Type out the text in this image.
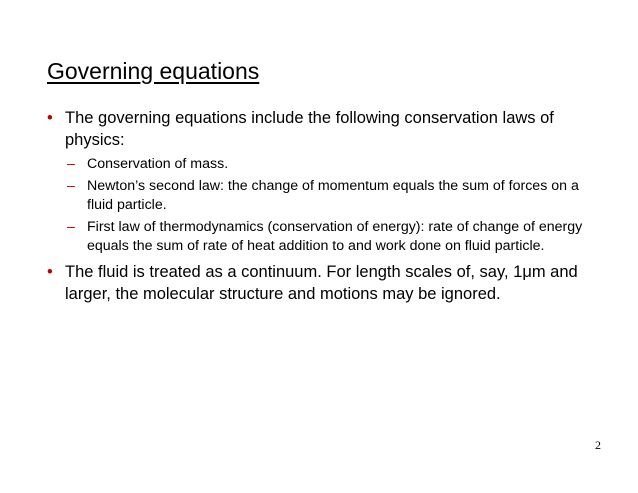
Governing equations
• The governing equations include the following conservation laws of physics:
– Conservation of mass.
– Newton’s second law: the change of momentum equals the sum of forces on a fluid particle.
– First law of thermodynamics (conservation of energy): rate of change of energy equals the sum of rate of heat addition to and work done on fluid particle.
• The fluid is treated as a continuum. For length scales of, say, 1μm and larger, the molecular structure and motions may be ignored.
2
